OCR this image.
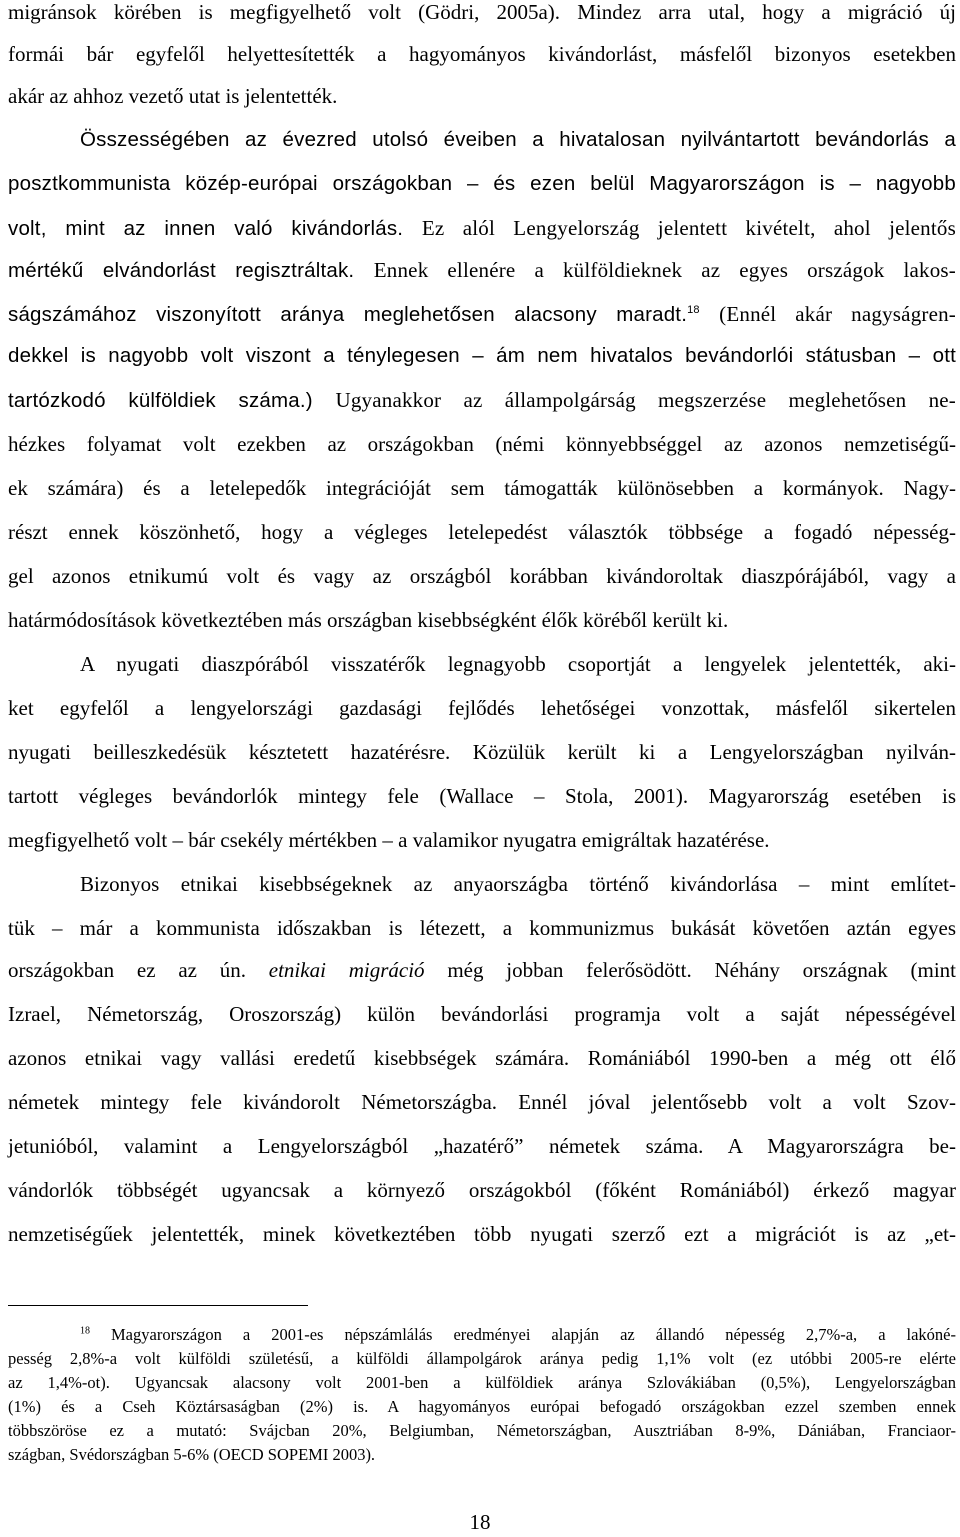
migránsok körében is megfigyelhető volt (Gödri, 2005a). Mindez arra utal, hogy a migráció új
formái bár egyfelől helyettesítették a hagyományos kivándorlást, másfelől bizonyos esetekben
akár az ahhoz vezető utat is jelentették.
Összességében az évezred utolsó éveiben a hivatalosan nyilvántartott bevándorlás a
posztkommunista közép-európai országokban – és ezen belül Magyarországon is – nagyobb
volt, mint az innen való kivándorlás. Ez alól Lengyelország jelentett kivételt, ahol jelentős
mértékű elvándorlást regisztráltak. Ennek ellenére a külföldieknek az egyes országok lakos-
ságszámához viszonyított aránya meglehetősen alacsony maradt.$^{18}$ (Ennél akár nagyságren-
dekkel is nagyobb volt viszont a ténylegesen – ám nem hivatalos bevándorlói státusban – ott
tartózkodó külföldiek száma.) Ugyanakkor az állampolgárság megszerzése meglehetősen ne-
hézkes folyamat volt ezekben az országokban (némi könnyebbséggel az azonos nemzetiségű-
ek számára) és a letelepedők integrációját sem támogatták különösebben a kormányok. Nagy-
részt ennek köszönhető, hogy a végleges letelepedést választók többsége a fogadó népesség-
gel azonos etnikumú volt és vagy az országból korábban kivándoroltak diaszpórájából, vagy a
határmódosítások következtében más országban kisebbségként élők köréből került ki.
A nyugati diaszpórából visszatérők legnagyobb csoportját a lengyelek jelentették, aki-
ket egyfelől a lengyelországi gazdasági fejlődés lehetőségei vonzottak, másfelől sikertelen
nyugati beilleszkedésük késztetett hazatérésre. Közülük került ki a Lengyelországban nyilván-
tartott végleges bevándorlók mintegy fele (Wallace – Stola, 2001). Magyarország esetében is
megfigyelhető volt – bár csekély mértékben – a valamikor nyugatra emigráltak hazatérése.
Bizonyos etnikai kisebbségeknek az anyaországba történő kivándorlása – mint említet-
tük – már a kommunista időszakban is létezett, a kommunizmus bukását követően aztán egyes
országokban ez az ún. etnikai migráció még jobban felerősödött. Néhány országnak (mint
Izrael, Németország, Oroszország) külön bevándorlási programja volt a saját népességével
azonos etnikai vagy vallási eredetű kisebbségek számára. Romániából 1990-ben a még ott élő
németek mintegy fele kivándorolt Németországba. Ennél jóval jelentősebb volt a volt Szov-
jetunióból, valamint a Lengyelországból „hazatérő” németek száma. A Magyarországra be-
vándorlók többségét ugyancsak a környező országokból (főként Romániából) érkező magyar
nemzetiségűek jelentették, minek következtében több nyugati szerző ezt a migrációt is az „et-
$^{18}$ Magyarországon a 2001-es népszámlálás eredményei alapján az állandó népesség 2,7%-a, a lakóné-
pesség 2,8%-a volt külföldi születésű, a külföldi állampolgárok aránya pedig 1,1% volt (ez utóbbi 2005-re elérte
az 1,4%-ot). Ugyancsak alacsony volt 2001-ben a külföldiek aránya Szlovákiában (0,5%), Lengyelországban
(1%) és a Cseh Köztársaságban (2%) is. A hagyományos európai befogadó országokban ezzel szemben ennek
többszöröse ez a mutató: Svájcban 20%, Belgiumban, Németországban, Ausztriában 8-9%, Dániában, Franciaor-
szágban, Svédországban 5-6% (OECD SOPEMI 2003).
18
